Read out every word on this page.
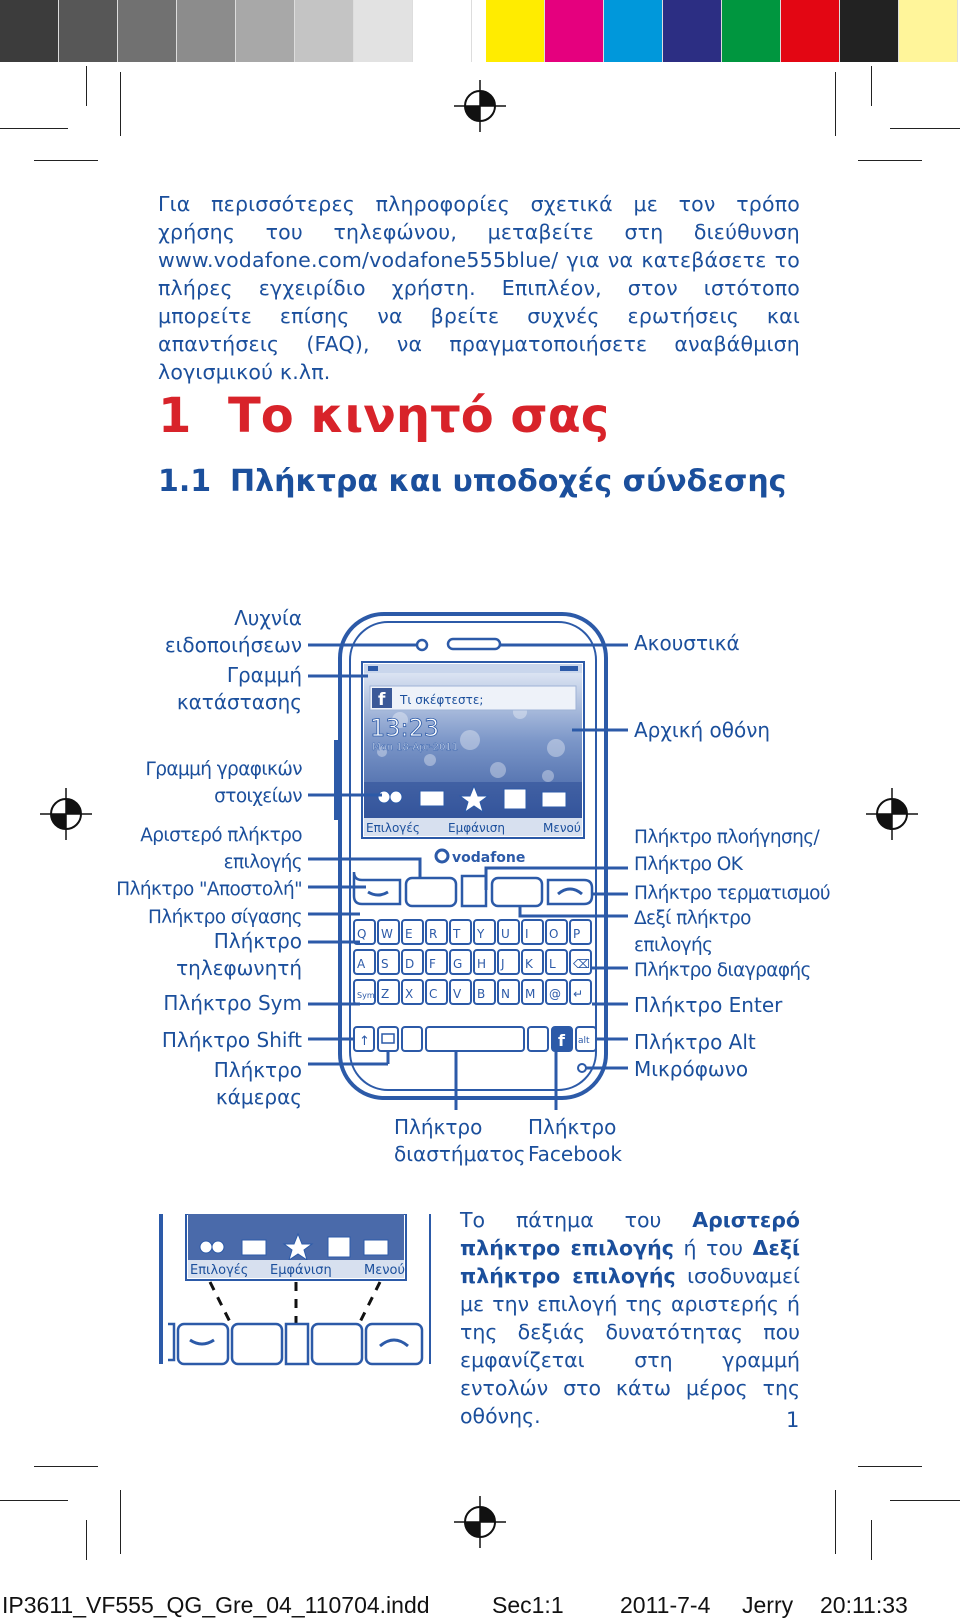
Για περισσότερες πληροφορίες σχετικά με τον τρόπο χρήσης του τηλεφώνου, μεταβείτε στη διεύθυνση www.vodafone.com/vodafone555blue/ για να κατεβάσετε το πλήρες εγχειρίδιο χρήστη. Επιπλέον, στον ιστότοπο μπορείτε επίσης να βρείτε συχνές ερωτήσεις και απαντήσεις (FAQ), να πραγματοποιήσετε αναβάθμιση λογισμικού κ.λπ.
1 Το κινητό σας
1.1 Πλήκτρα και υποδοχές σύνδεσης
f Τι σκέφτεστε;
13:23
Mon 18-Apr-2011
Επιλογές Εμφάνιση	Μενού
vodafone
Q W E R T Y U I O P
A S D F G H J K L ⌫
Sym Z X C V B N M @ ↵
↑	f alt
Λυχνία
ειδοποιήσεων
Γραμμή
κατάστασης
Γραμμή γραφικών
στοιχείων
Αριστερό πλήκτρο
επιλογής
Πλήκτρο "Αποστολή"
Πλήκτρο σίγασης
Πλήκτρο
τηλεφωνητή
Πλήκτρο Sym
Πλήκτρο Shift
Πλήκτρο
κάμερας
Ακουστικά
Αρχική οθόνη
Πλήκτρο πλοήγησης/
Πλήκτρο OK
Πλήκτρο τερματισμού
Δεξί πλήκτρο
επιλογής
Πλήκτρο διαγραφής
Πλήκτρο Enter
Πλήκτρο Alt
Μικρόφωνο
Πλήκτρο
διαστήματος
Πλήκτρο
Facebook
Επιλογές Εμφάνιση Μενού
Το πάτημα του Αριστερό πλήκτρο επιλογής ή του Δεξί πλήκτρο επιλογής ισοδυναμεί με την επιλογή της αριστερής ή της δεξιάς δυνατότητας που εμφανίζεται στη γραμμή εντολών στο κάτω μέρος της οθόνης.	1
IP3611_VF555_QG_Gre_04_110704.indd	Sec1:1 2011-7-4 Jerry 20:11:33
